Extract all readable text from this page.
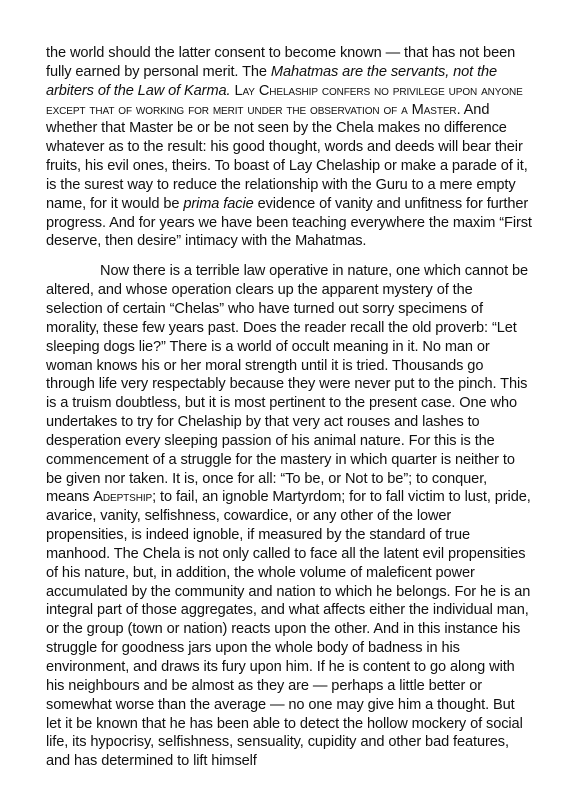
the world should the latter consent to become known — that has not been fully earned by personal merit. The Mahatmas are the servants, not the arbiters of the Law of Karma. Lay Chelaship confers no privilege upon anyone except that of working for merit under the observation of a Master. And whether that Master be or be not seen by the Chela makes no difference whatever as to the result: his good thought, words and deeds will bear their fruits, his evil ones, theirs. To boast of Lay Chelaship or make a parade of it, is the surest way to reduce the relationship with the Guru to a mere empty name, for it would be prima facie evidence of vanity and unfitness for further progress. And for years we have been teaching everywhere the maxim “First deserve, then desire” intimacy with the Mahatmas.

Now there is a terrible law operative in nature, one which cannot be altered, and whose operation clears up the apparent mystery of the selection of certain “Chelas” who have turned out sorry specimens of morality, these few years past. Does the reader recall the old proverb: “Let sleeping dogs lie?” There is a world of occult meaning in it. No man or woman knows his or her moral strength until it is tried. Thousands go through life very respectably because they were never put to the pinch. This is a truism doubtless, but it is most pertinent to the present case. One who undertakes to try for Chelaship by that very act rouses and lashes to desperation every sleeping passion of his animal nature. For this is the commencement of a struggle for the mastery in which quarter is neither to be given nor taken. It is, once for all: “To be, or Not to be”; to conquer, means Adeptship; to fail, an ignoble Martyrdom; for to fall victim to lust, pride, avarice, vanity, selfishness, cowardice, or any other of the lower propensities, is indeed ignoble, if measured by the standard of true manhood. The Chela is not only called to face all the latent evil propensities of his nature, but, in addition, the whole volume of maleficent power accumulated by the community and nation to which he belongs. For he is an integral part of those aggregates, and what affects either the individual man, or the group (town or nation) reacts upon the other. And in this instance his struggle for goodness jars upon the whole body of badness in his environment, and draws its fury upon him. If he is content to go along with his neighbours and be almost as they are — perhaps a little better or somewhat worse than the average — no one may give him a thought. But let it be known that he has been able to detect the hollow mockery of social life, its hypocrisy, selfishness, sensuality, cupidity and other bad features, and has determined to lift himself
